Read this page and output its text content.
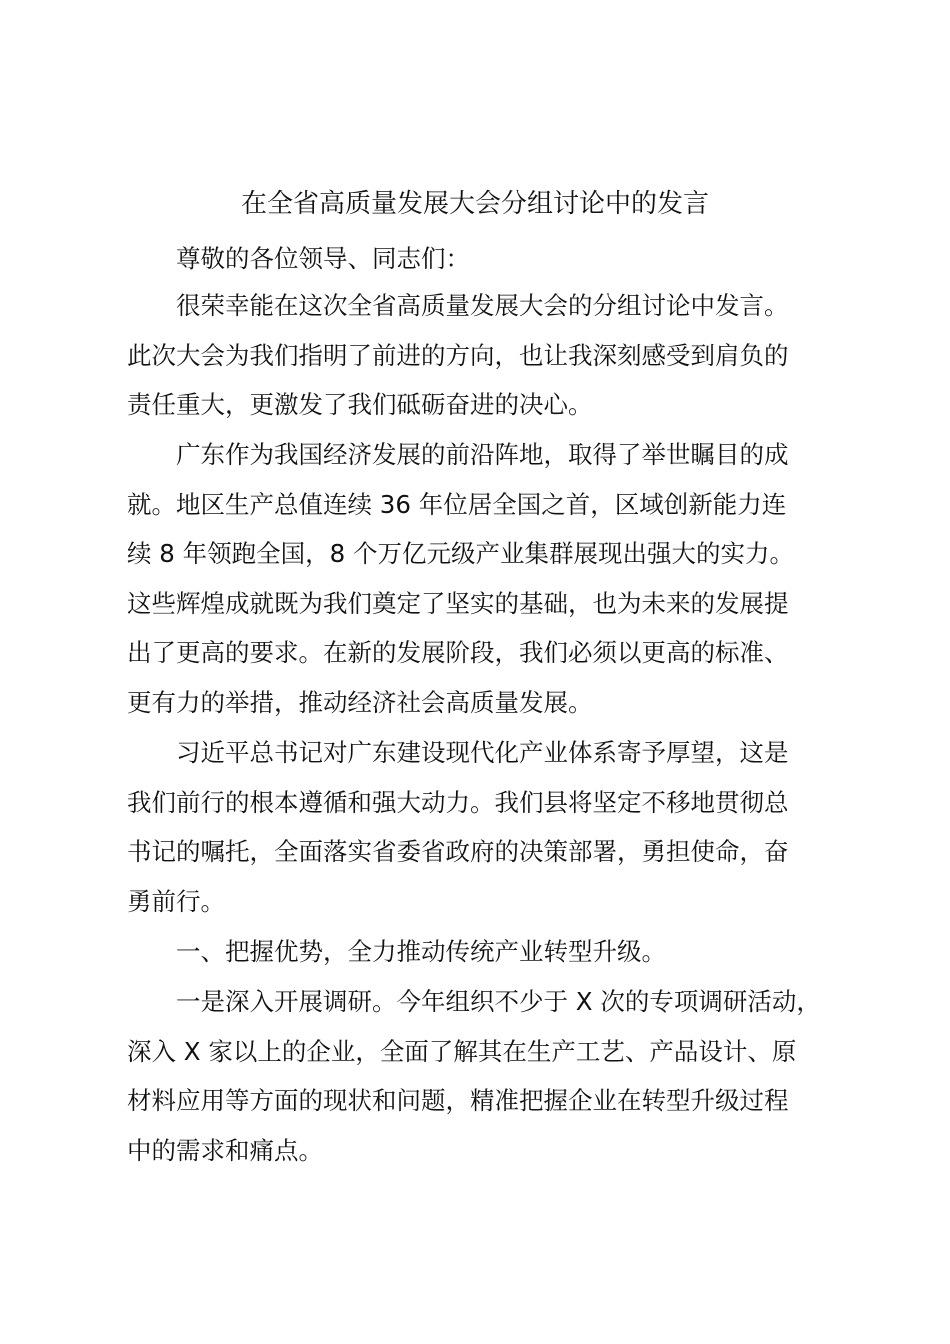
在全省高质量发展大会分组讨论中的发言

尊敬的各位领导、同志们：

很荣幸能在这次全省高质量发展大会的分组讨论中发言。
此次大会为我们指明了前进的方向，也让我深刻感受到肩负的
责任重大，更激发了我们砥砺奋进的决心。

广东作为我国经济发展的前沿阵地，取得了举世瞩目的成
就。地区生产总值连续 36 年位居全国之首，区域创新能力连
续 8 年领跑全国，8 个万亿元级产业集群展现出强大的实力。
这些辉煌成就既为我们奠定了坚实的基础，也为未来的发展提
出了更高的要求。在新的发展阶段，我们必须以更高的标准、
更有力的举措，推动经济社会高质量发展。

习近平总书记对广东建设现代化产业体系寄予厚望，这是
我们前行的根本遵循和强大动力。我们县将坚定不移地贯彻总
书记的嘱托，全面落实省委省政府的决策部署，勇担使命，奋
勇前行。

一、把握优势，全力推动传统产业转型升级。

一是深入开展调研。今年组织不少于 X 次的专项调研活动，
深入 X 家以上的企业，全面了解其在生产工艺、产品设计、原
材料应用等方面的现状和问题，精准把握企业在转型升级过程
中的需求和痛点。
